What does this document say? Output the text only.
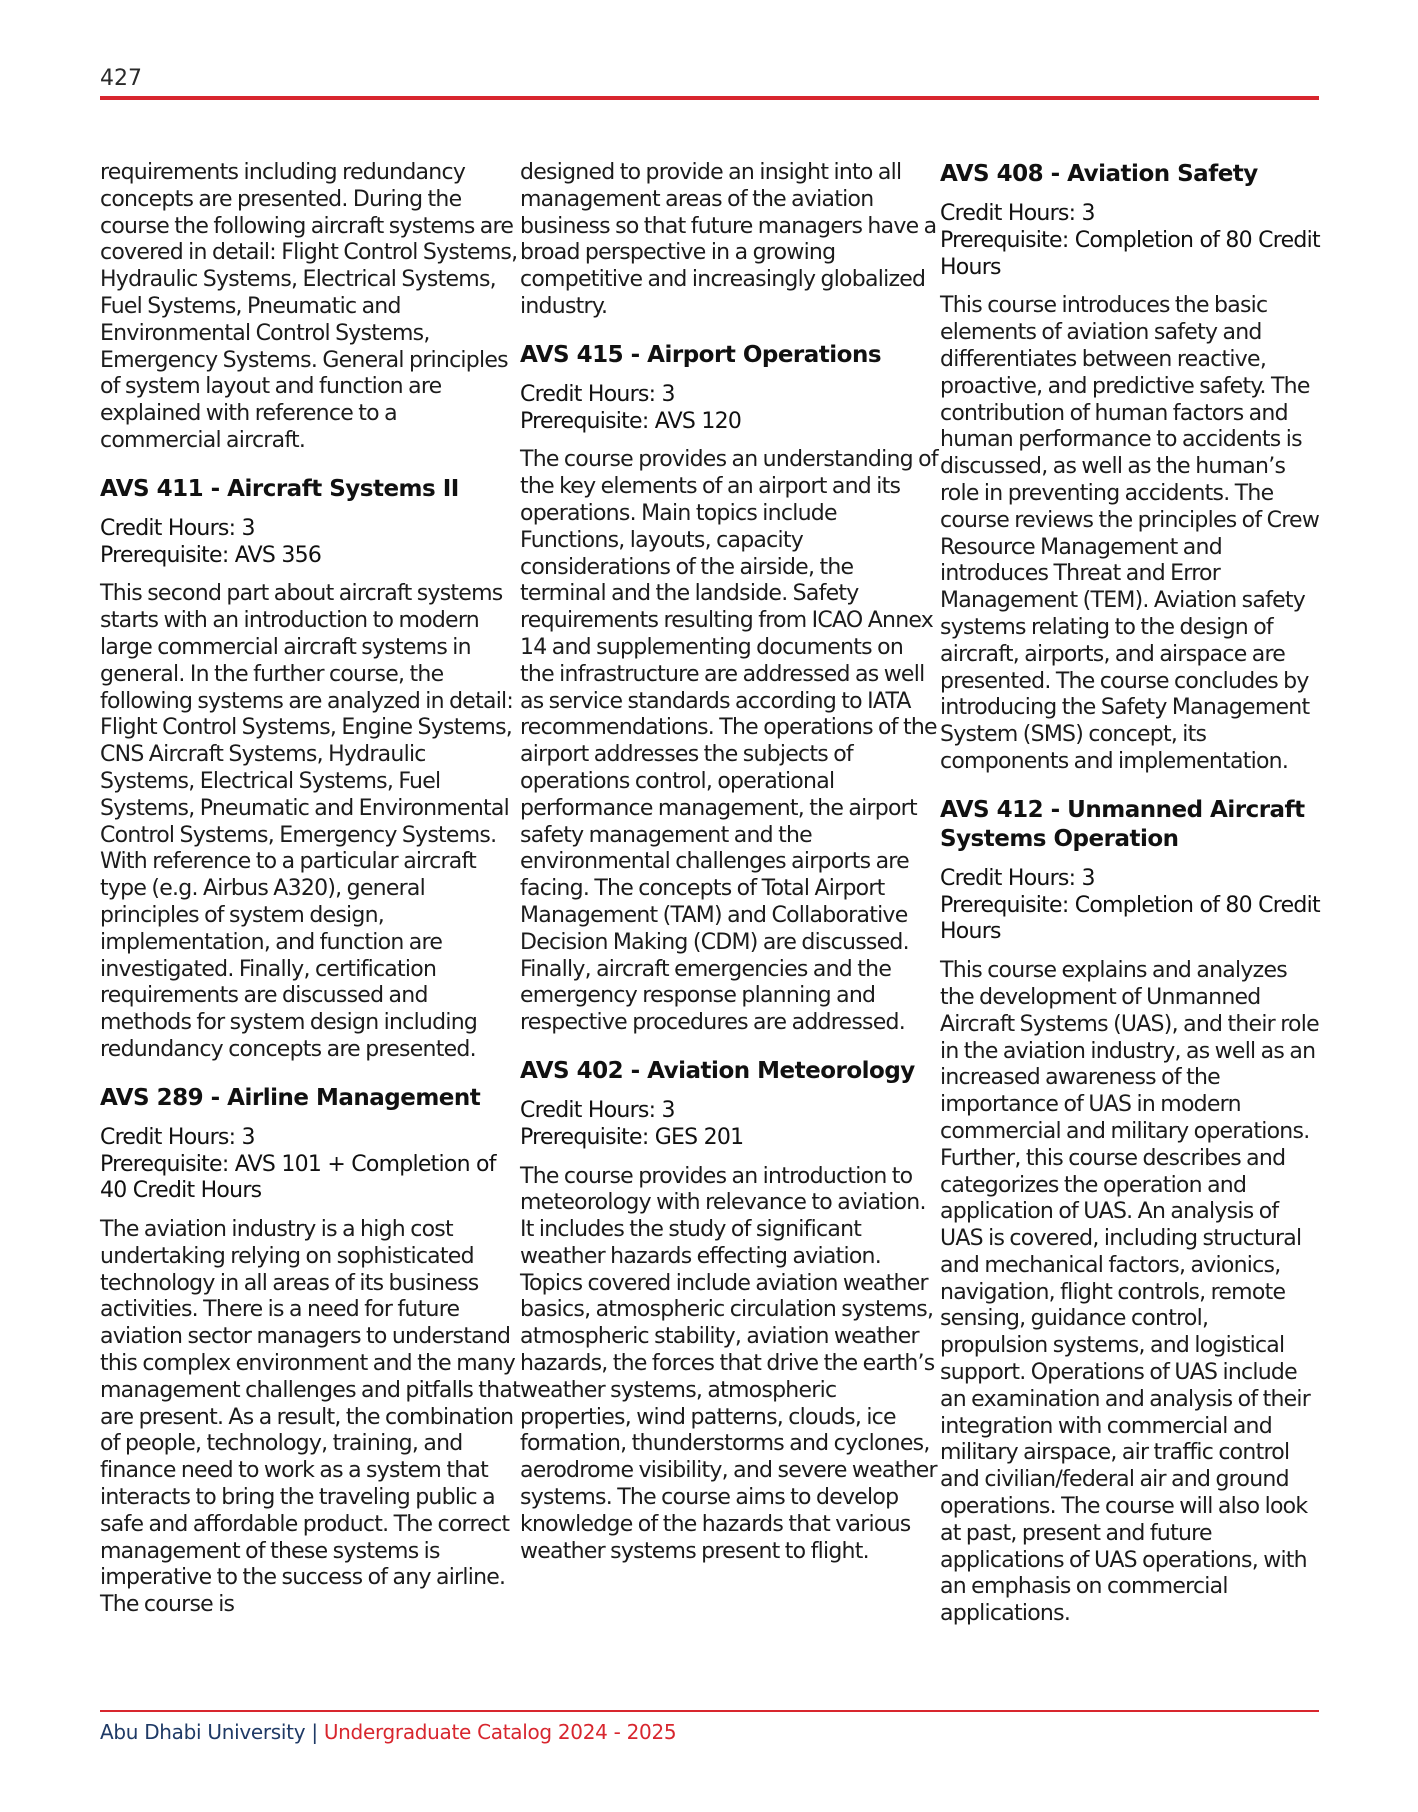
427

requirements including redundancy concepts are presented. During the course the following aircraft systems are covered in detail: Flight Control Systems, Hydraulic Systems, Electrical Systems, Fuel Systems, Pneumatic and Environmental Control Systems, Emergency Systems. General principles of system layout and function are explained with reference to a commercial aircraft.

AVS 411 - Aircraft Systems II
Credit Hours: 3
Prerequisite: AVS 356

This second part about aircraft systems starts with an introduction to modern large commercial aircraft systems in general. In the further course, the following systems are analyzed in detail: Flight Control Systems, Engine Systems, CNS Aircraft Systems, Hydraulic Systems, Electrical Systems, Fuel Systems, Pneumatic and Environmental Control Systems, Emergency Systems. With reference to a particular aircraft type (e.g. Airbus A320), general principles of system design, implementation, and function are investigated. Finally, certification requirements are discussed and methods for system design including redundancy concepts are presented.

AVS 289 - Airline Management
Credit Hours: 3
Prerequisite: AVS 101 + Completion of 40 Credit Hours

The aviation industry is a high cost undertaking relying on sophisticated technology in all areas of its business activities. There is a need for future aviation sector managers to understand this complex environment and the many management challenges and pitfalls that are present. As a result, the combination of people, technology, training, and finance need to work as a system that interacts to bring the traveling public a safe and affordable product. The correct management of these systems is imperative to the success of any airline. The course is

designed to provide an insight into all management areas of the aviation business so that future managers have a broad perspective in a growing competitive and increasingly globalized industry.

AVS 415 - Airport Operations
Credit Hours: 3
Prerequisite: AVS 120

The course provides an understanding of the key elements of an airport and its operations. Main topics include Functions, layouts, capacity considerations of the airside, the terminal and the landside. Safety requirements resulting from ICAO Annex 14 and supplementing documents on the infrastructure are addressed as well as service standards according to IATA recommendations. The operations of the airport addresses the subjects of operations control, operational performance management, the airport safety management and the environmental challenges airports are facing. The concepts of Total Airport Management (TAM) and Collaborative Decision Making (CDM) are discussed. Finally, aircraft emergencies and the emergency response planning and respective procedures are addressed.

AVS 402 - Aviation Meteorology
Credit Hours: 3
Prerequisite: GES 201

The course provides an introduction to meteorology with relevance to aviation. It includes the study of significant weather hazards effecting aviation. Topics covered include aviation weather basics, atmospheric circulation systems, atmospheric stability, aviation weather hazards, the forces that drive the earth’s weather systems, atmospheric properties, wind patterns, clouds, ice formation, thunderstorms and cyclones, aerodrome visibility, and severe weather systems. The course aims to develop knowledge of the hazards that various weather systems present to flight.

AVS 408 - Aviation Safety
Credit Hours: 3
Prerequisite: Completion of 80 Credit Hours

This course introduces the basic elements of aviation safety and differentiates between reactive, proactive, and predictive safety. The contribution of human factors and human performance to accidents is discussed, as well as the human’s role in preventing accidents. The course reviews the principles of Crew Resource Management and introduces Threat and Error Management (TEM). Aviation safety systems relating to the design of aircraft, airports, and airspace are presented. The course concludes by introducing the Safety Management System (SMS) concept, its components and implementation.

AVS 412 - Unmanned Aircraft Systems Operation
Credit Hours: 3
Prerequisite: Completion of 80 Credit Hours

This course explains and analyzes the development of Unmanned Aircraft Systems (UAS), and their role in the aviation industry, as well as an increased awareness of the importance of UAS in modern commercial and military operations. Further, this course describes and categorizes the operation and application of UAS. An analysis of UAS is covered, including structural and mechanical factors, avionics, navigation, flight controls, remote sensing, guidance control, propulsion systems, and logistical support. Operations of UAS include an examination and analysis of their integration with commercial and military airspace, air traffic control and civilian/federal air and ground operations. The course will also look at past, present and future applications of UAS operations, with an emphasis on commercial applications.

Abu Dhabi University | Undergraduate Catalog 2024 - 2025
